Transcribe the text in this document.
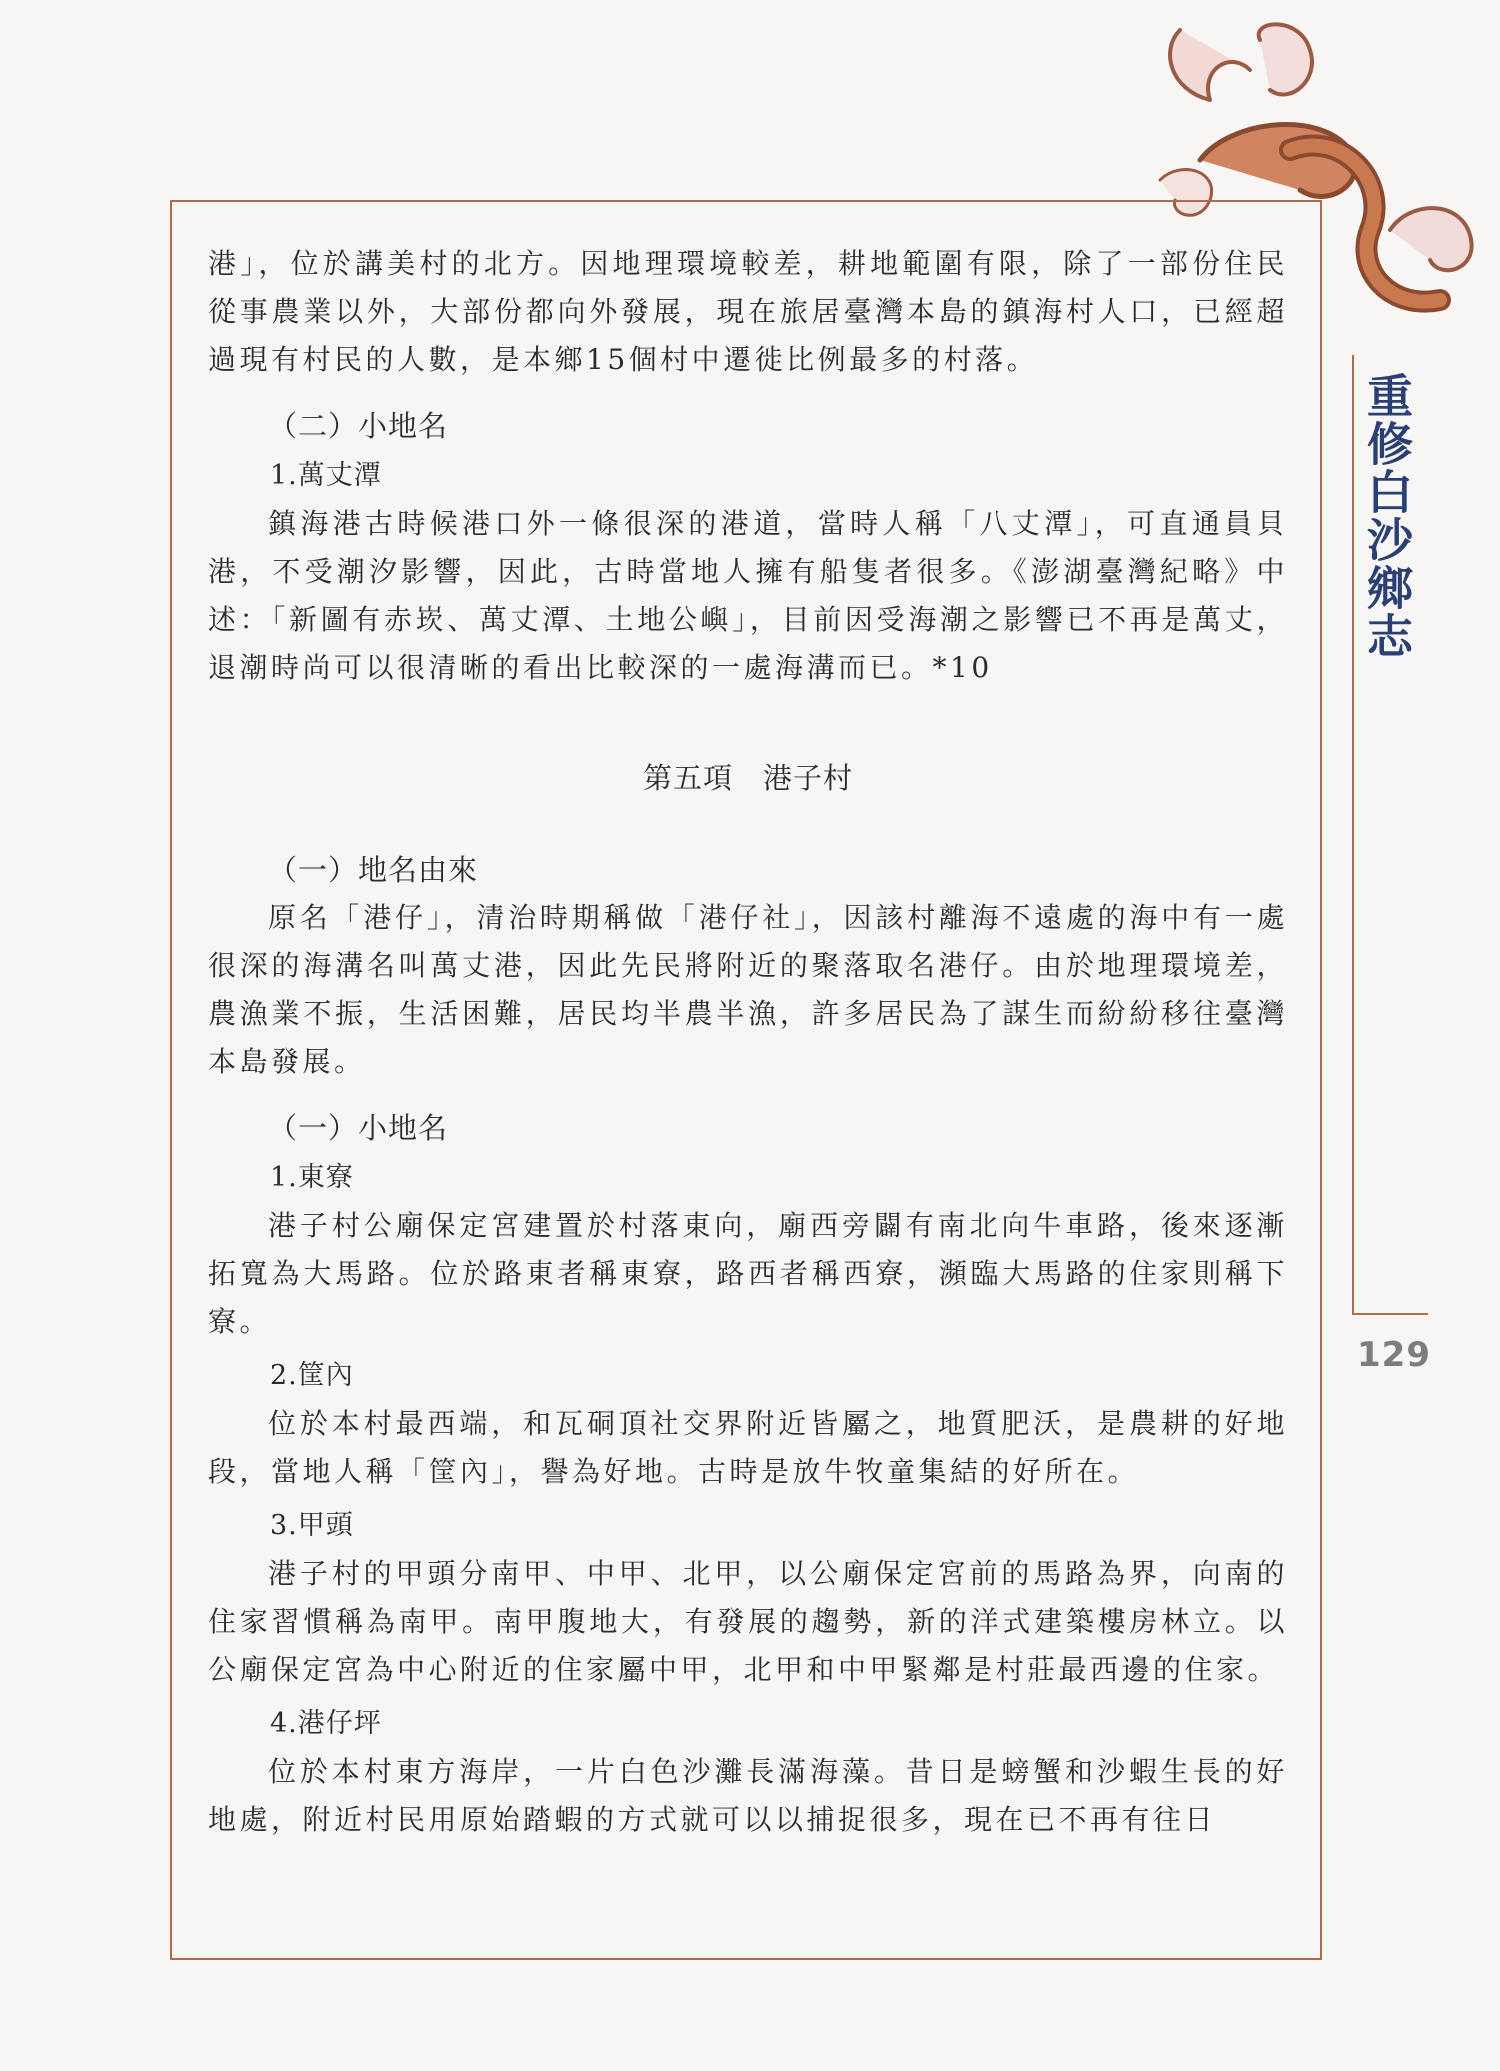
重修白沙鄉志
129

港」，位於講美村的北方。因地理環境較差，耕地範圍有限，除了一部份住民從事農業以外，大部份都向外發展，現在旅居臺灣本島的鎮海村人口，已經超過現有村民的人數，是本鄉15個村中遷徙比例最多的村落。

（二）小地名
1.萬丈潭

鎮海港古時候港口外一條很深的港道，當時人稱「八丈潭」，可直通員貝港，不受潮汐影響，因此，古時當地人擁有船隻者很多。《澎湖臺灣紀略》中述：「新圖有赤崁、萬丈潭、土地公嶼」，目前因受海潮之影響已不再是萬丈，退潮時尚可以很清晰的看出比較深的一處海溝而已。*10

第五項　港子村
（一）地名由來

原名「港仔」，清治時期稱做「港仔社」，因該村離海不遠處的海中有一處很深的海溝名叫萬丈港，因此先民將附近的聚落取名港仔。由於地理環境差，農漁業不振，生活困難，居民均半農半漁，許多居民為了謀生而紛紛移往臺灣本島發展。

（一）小地名
1.東寮

港子村公廟保定宮建置於村落東向，廟西旁闢有南北向牛車路，後來逐漸拓寬為大馬路。位於路東者稱東寮，路西者稱西寮，瀕臨大馬路的住家則稱下寮。

2.筐內

位於本村最西端，和瓦硐頂社交界附近皆屬之，地質肥沃，是農耕的好地段，當地人稱「筐內」，譽為好地。古時是放牛牧童集結的好所在。

3.甲頭

港子村的甲頭分南甲、中甲、北甲，以公廟保定宮前的馬路為界，向南的住家習慣稱為南甲。南甲腹地大，有發展的趨勢，新的洋式建築樓房林立。以公廟保定宮為中心附近的住家屬中甲，北甲和中甲緊鄰是村莊最西邊的住家。

4.港仔坪

位於本村東方海岸，一片白色沙灘長滿海藻。昔日是螃蟹和沙蝦生長的好地處，附近村民用原始踏蝦的方式就可以以捕捉很多，現在已不再有往日
